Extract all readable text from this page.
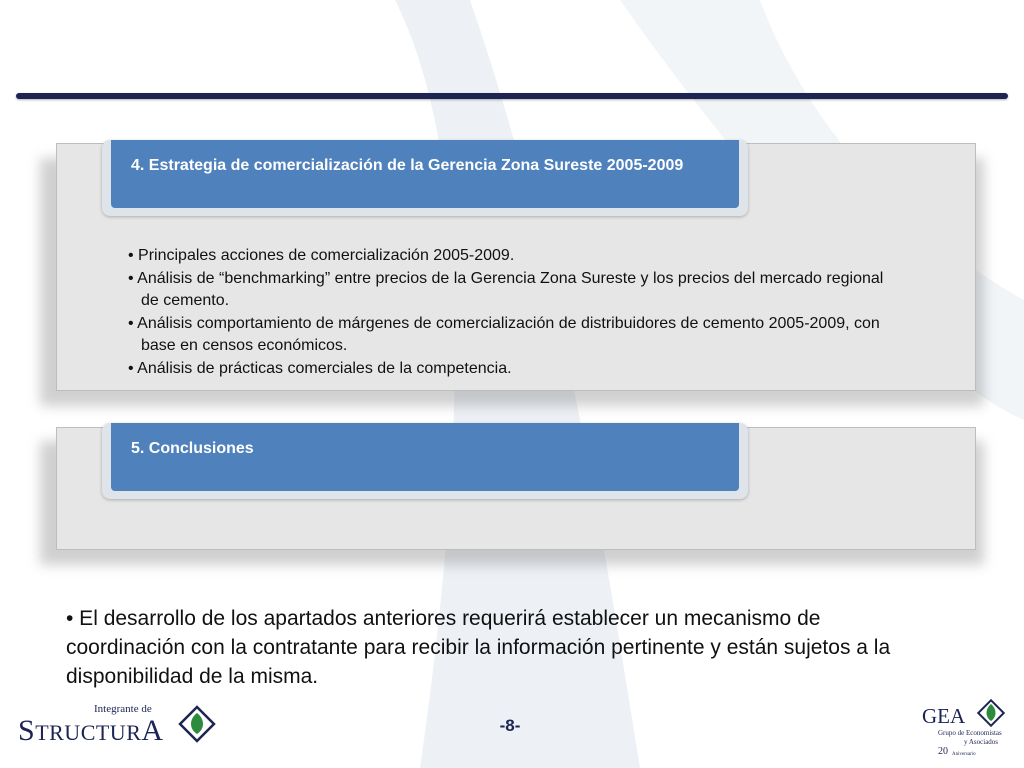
4. Estrategia de comercialización de la Gerencia Zona Sureste 2005-2009
• Principales acciones de comercialización 2005-2009.
• Análisis de “benchmarking” entre precios de la Gerencia Zona Sureste y los precios del mercado regional de cemento.
• Análisis comportamiento de márgenes de comercialización de distribuidores de cemento 2005-2009, con base en censos económicos.
• Análisis de prácticas comerciales de la competencia.
5. Conclusiones
• El desarrollo de los apartados anteriores requerirá establecer un mecanismo de coordinación con la contratante para recibir la información pertinente y están sujetos a la disponibilidad de la misma.
Integrante de
STRUCTURA	-8-	GEA
Grupo de Economistas
y Asociados
20 Aniversario
